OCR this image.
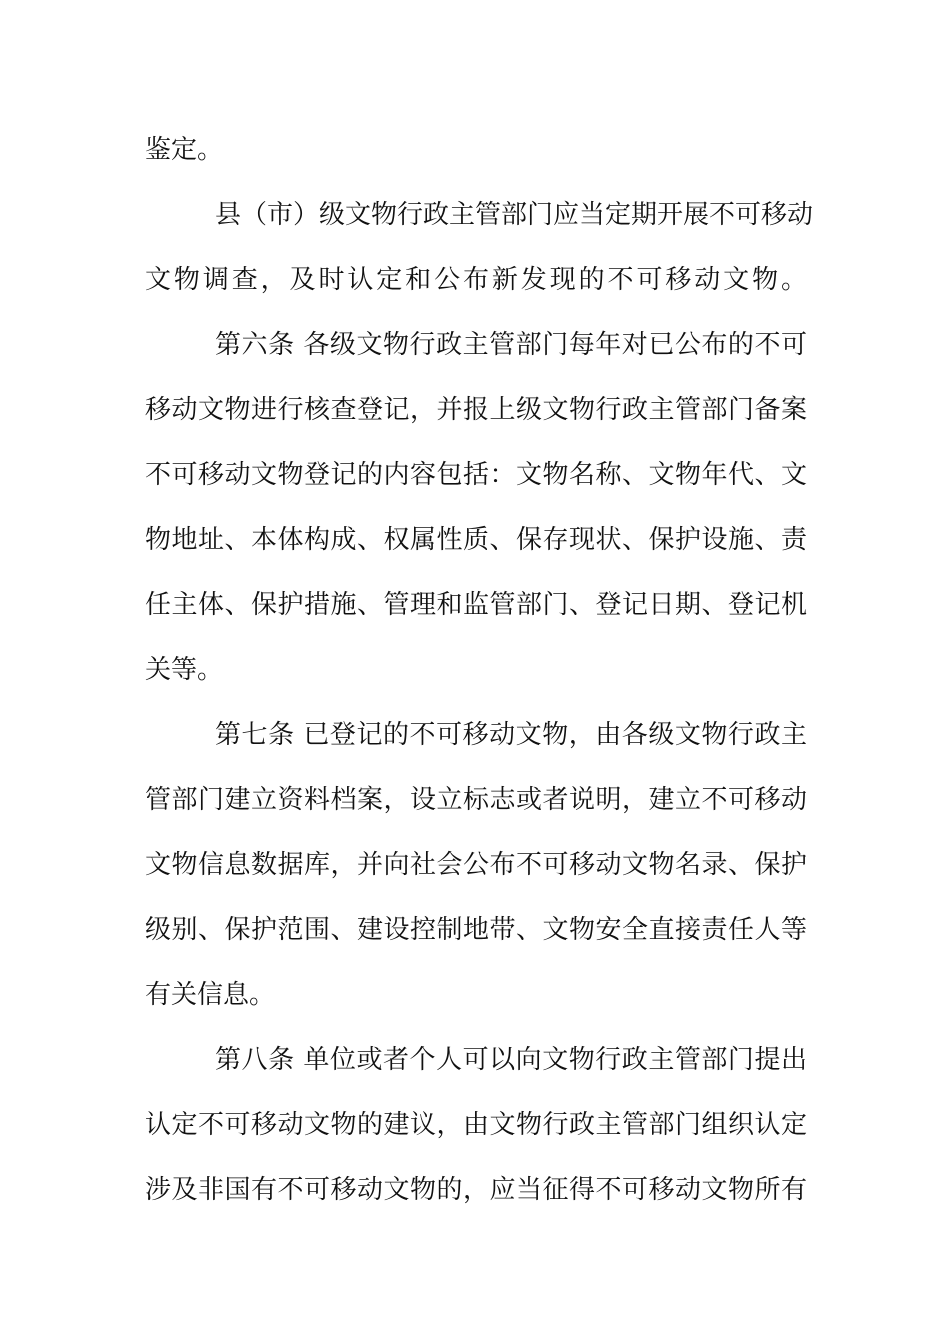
鉴定。
县（市）级文物行政主管部门应当定期开展不可移动
文物调查，及时认定和公布新发现的不可移动文物。
第六条 各级文物行政主管部门每年对已公布的不可
移动文物进行核查登记，并报上级文物行政主管部门备案
不可移动文物登记的内容包括：文物名称、文物年代、文
物地址、本体构成、权属性质、保存现状、保护设施、责
任主体、保护措施、管理和监管部门、登记日期、登记机
关等。
第七条 已登记的不可移动文物，由各级文物行政主
管部门建立资料档案，设立标志或者说明，建立不可移动
文物信息数据库，并向社会公布不可移动文物名录、保护
级别、保护范围、建设控制地带、文物安全直接责任人等
有关信息。
第八条 单位或者个人可以向文物行政主管部门提出
认定不可移动文物的建议，由文物行政主管部门组织认定
涉及非国有不可移动文物的，应当征得不可移动文物所有
